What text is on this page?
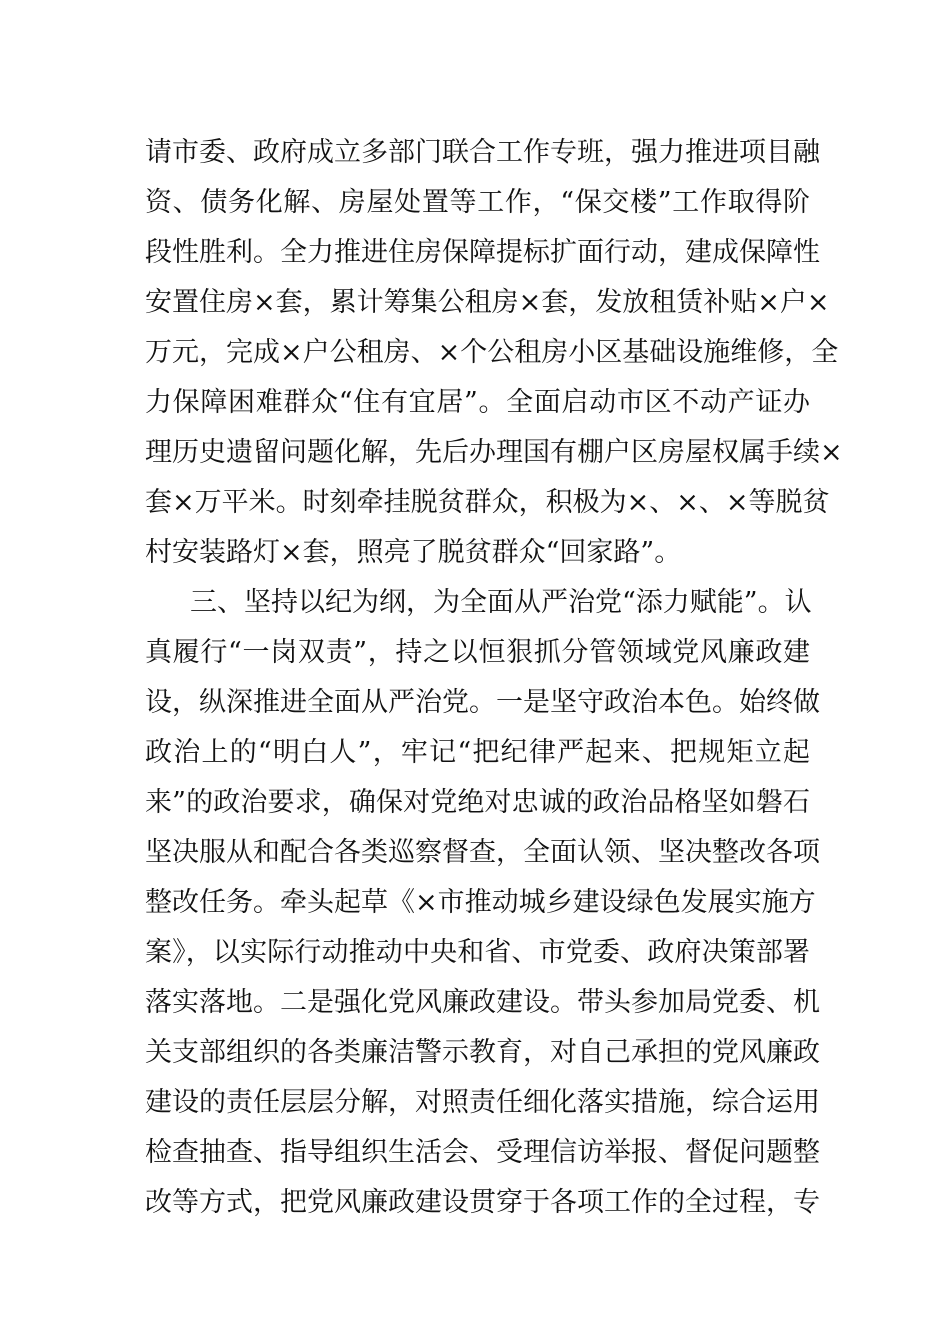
请市委、政府成立多部门联合工作专班，强力推进项目融
资、债务化解、房屋处置等工作，“保交楼”工作取得阶
段性胜利。全力推进住房保障提标扩面行动，建成保障性
安置住房×套，累计筹集公租房×套，发放租赁补贴×户×
万元，完成×户公租房、×个公租房小区基础设施维修，全
力保障困难群众“住有宜居”。全面启动市区不动产证办
理历史遗留问题化解，先后办理国有棚户区房屋权属手续×
套×万平米。时刻牵挂脱贫群众，积极为×、×、×等脱贫
村安装路灯×套，照亮了脱贫群众“回家路”。
三、坚持以纪为纲，为全面从严治党“添力赋能”。认
真履行“一岗双责”，持之以恒狠抓分管领域党风廉政建
设，纵深推进全面从严治党。一是坚守政治本色。始终做
政治上的“明白人”，牢记“把纪律严起来、把规矩立起
来”的政治要求，确保对党绝对忠诚的政治品格坚如磐石
坚决服从和配合各类巡察督查，全面认领、坚决整改各项
整改任务。牵头起草《×市推动城乡建设绿色发展实施方
案》，以实际行动推动中央和省、市党委、政府决策部署
落实落地。二是强化党风廉政建设。带头参加局党委、机
关支部组织的各类廉洁警示教育，对自己承担的党风廉政
建设的责任层层分解，对照责任细化落实措施，综合运用
检查抽查、指导组织生活会、受理信访举报、督促问题整
改等方式，把党风廉政建设贯穿于各项工作的全过程，专
